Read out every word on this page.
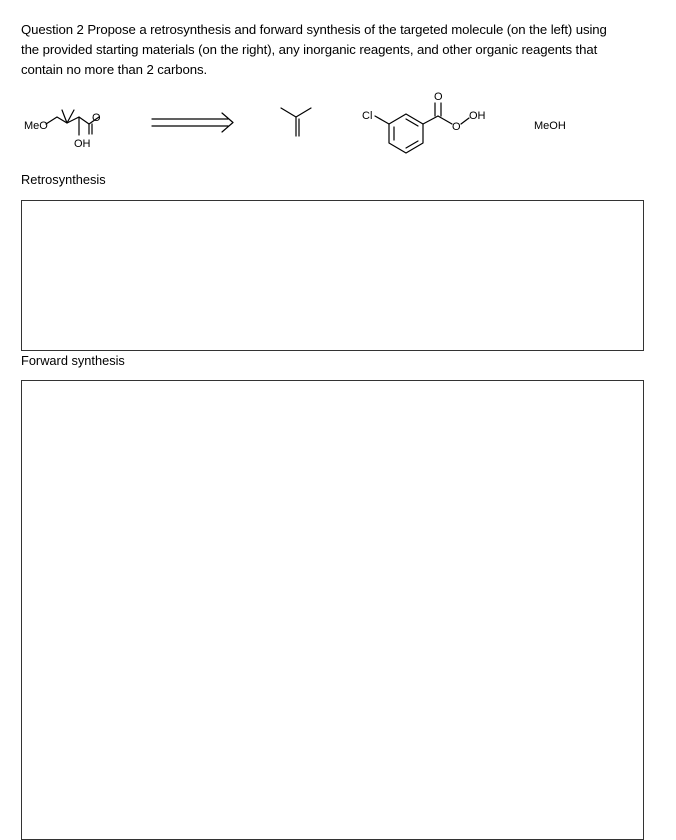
Question 2 Propose a retrosynthesis and forward synthesis of the targeted molecule (on the left) using
the provided starting materials (on the right), any inorganic reagents, and other organic reagents that
contain no more than 2 carbons.
MeO
O
OH
Cl
O
O
OH
MeOH
Retrosynthesis
Forward synthesis
